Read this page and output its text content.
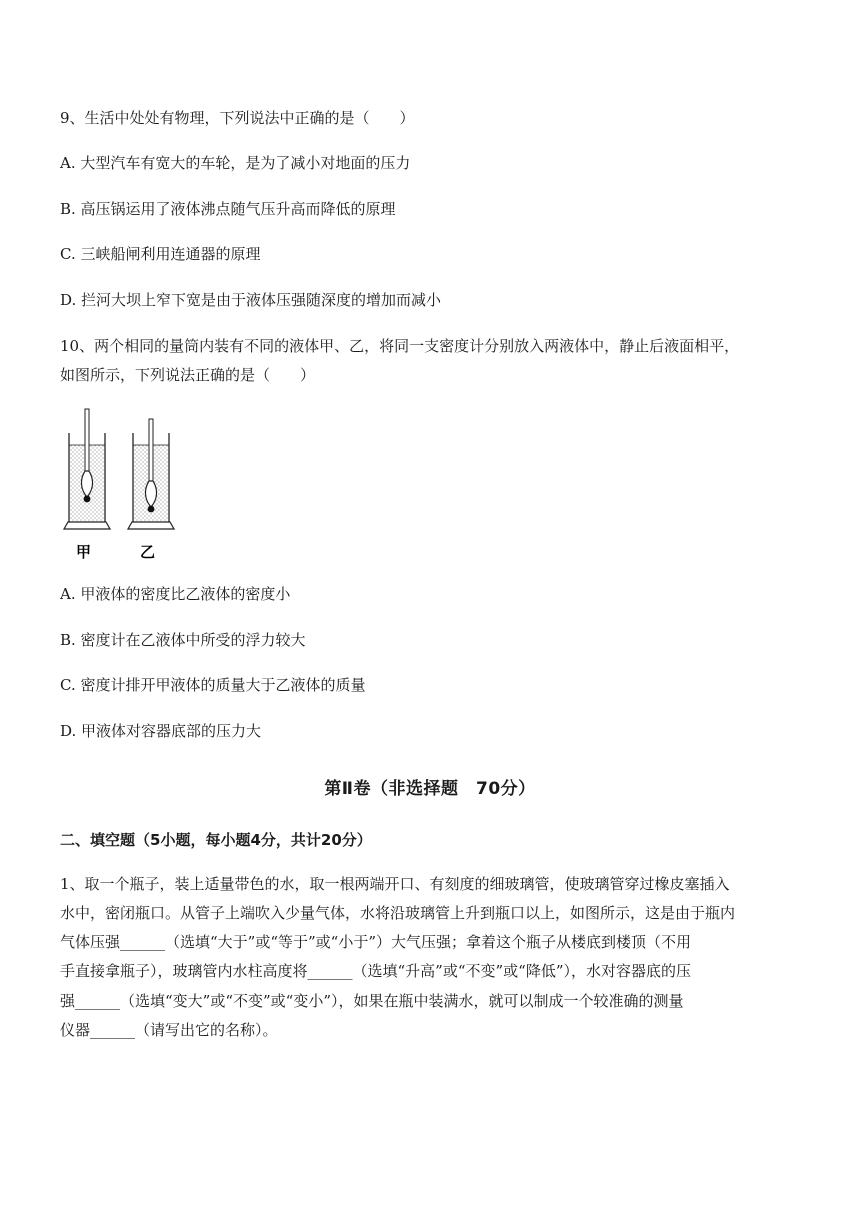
9、生活中处处有物理，下列说法中正确的是（　　）
A. 大型汽车有宽大的车轮，是为了减小对地面的压力
B. 高压锅运用了液体沸点随气压升高而降低的原理
C. 三峡船闸利用连通器的原理
D. 拦河大坝上窄下宽是由于液体压强随深度的增加而减小
10、两个相同的量筒内装有不同的液体甲、乙，将同一支密度计分别放入两液体中，静止后液面相平，
如图所示，下列说法正确的是（　　）
甲	乙
A. 甲液体的密度比乙液体的密度小
B. 密度计在乙液体中所受的浮力较大
C. 密度计排开甲液体的质量大于乙液体的质量
D. 甲液体对容器底部的压力大
第Ⅱ卷（非选择题　70分）
二、填空题（5小题，每小题4分，共计20分）
1、取一个瓶子，装上适量带色的水，取一根两端开口、有刻度的细玻璃管，使玻璃管穿过橡皮塞插入
水中，密闭瓶口。从管子上端吹入少量气体，水将沿玻璃管上升到瓶口以上，如图所示，这是由于瓶内
气体压强______（选填“大于”或“等于”或“小于”）大气压强；拿着这个瓶子从楼底到楼顶（不用
手直接拿瓶子），玻璃管内水柱高度将______（选填“升高”或“不变”或“降低”），水对容器底的压
强______（选填“变大”或“不变”或“变小”），如果在瓶中装满水，就可以制成一个较准确的测量
仪器______（请写出它的名称）。
